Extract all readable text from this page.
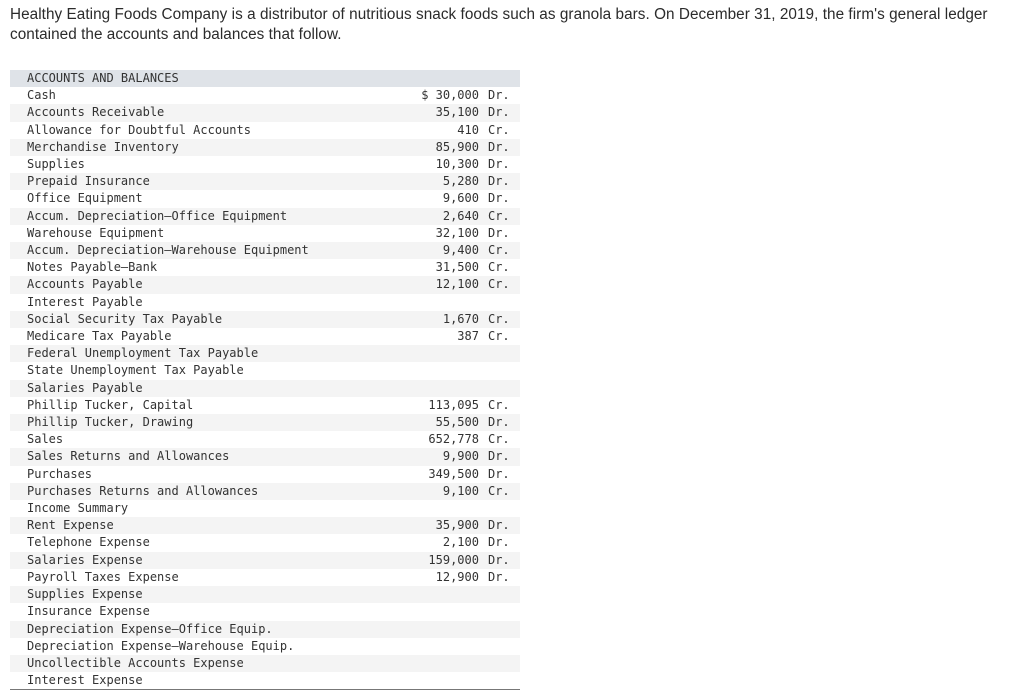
Healthy Eating Foods Company is a distributor of nutritious snack foods such as granola bars. On December 31, 2019, the firm's general ledger contained the accounts and balances that follow.

ACCOUNTS AND BALANCES		
Cash	$ 30,000	Dr.
Accounts Receivable	35,100	Dr.
Allowance for Doubtful Accounts	410	Cr.
Merchandise Inventory	85,900	Dr.
Supplies	10,300	Dr.
Prepaid Insurance	5,280	Dr.
Office Equipment	9,600	Dr.
Accum. Depreciation–Office Equipment	2,640	Cr.
Warehouse Equipment	32,100	Dr.
Accum. Depreciation–Warehouse Equipment	9,400	Cr.
Notes Payable–Bank	31,500	Cr.
Accounts Payable	12,100	Cr.
Interest Payable		
Social Security Tax Payable	1,670	Cr.
Medicare Tax Payable	387	Cr.
Federal Unemployment Tax Payable		
State Unemployment Tax Payable		
Salaries Payable		
Phillip Tucker, Capital	113,095	Cr.
Phillip Tucker, Drawing	55,500	Dr.
Sales	652,778	Cr.
Sales Returns and Allowances	9,900	Dr.
Purchases	349,500	Dr.
Purchases Returns and Allowances	9,100	Cr.
Income Summary		
Rent Expense	35,900	Dr.
Telephone Expense	2,100	Dr.
Salaries Expense	159,000	Dr.
Payroll Taxes Expense	12,900	Dr.
Supplies Expense		
Insurance Expense		
Depreciation Expense–Office Equip.		
Depreciation Expense–Warehouse Equip.		
Uncollectible Accounts Expense		
Interest Expense		
